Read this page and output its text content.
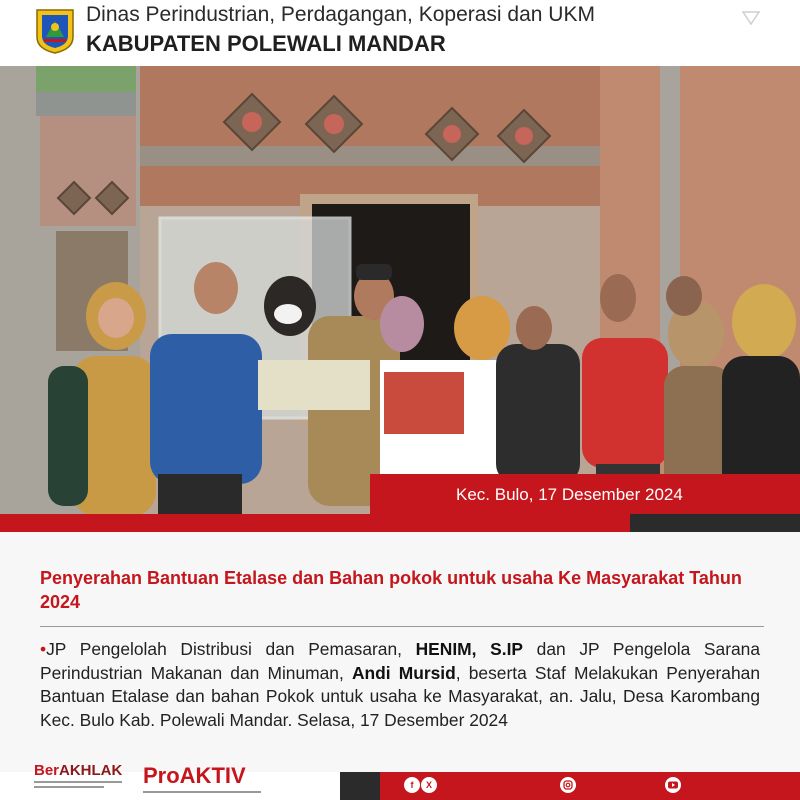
Dinas Perindustrian, Perdagangan, Koperasi dan UKM
KABUPATEN POLEWALI MANDAR
Kec. Bulo, 17 Desember 2024
Penyerahan Bantuan Etalase dan Bahan pokok untuk usaha Ke Masyarakat Tahun 2024
•JP Pengelolah Distribusi dan Pemasaran, HENIM, S.IP dan JP Pengelola Sarana Perindustrian Makanan dan Minuman, Andi Mursid, beserta Staf Melakukan Penyerahan Bantuan Etalase dan bahan Pokok untuk usaha ke Masyarakat, an. Jalu, Desa Karombang Kec. Bulo Kab. Polewali Mandar. Selasa, 17 Desember 2024
BerAKHLAK ProAKTIV	f	X
